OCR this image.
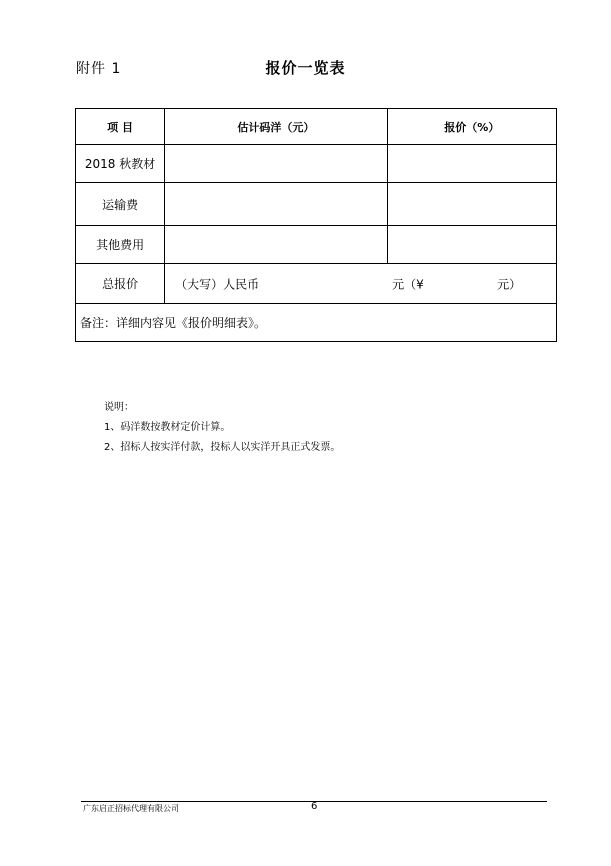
附件 1	报价一览表
项 目	估计码洋（元）	报价（%）
2018 秋教材		
运输费		
其他费用		
总报价	（大写）人民币 元（¥ 元）	

备注：详细内容见《报价明细表》。		
说明：
1、码洋数按教材定价计算。
2、招标人按实洋付款，投标人以实洋开具正式发票。
广东启正招标代理有限公司	6
